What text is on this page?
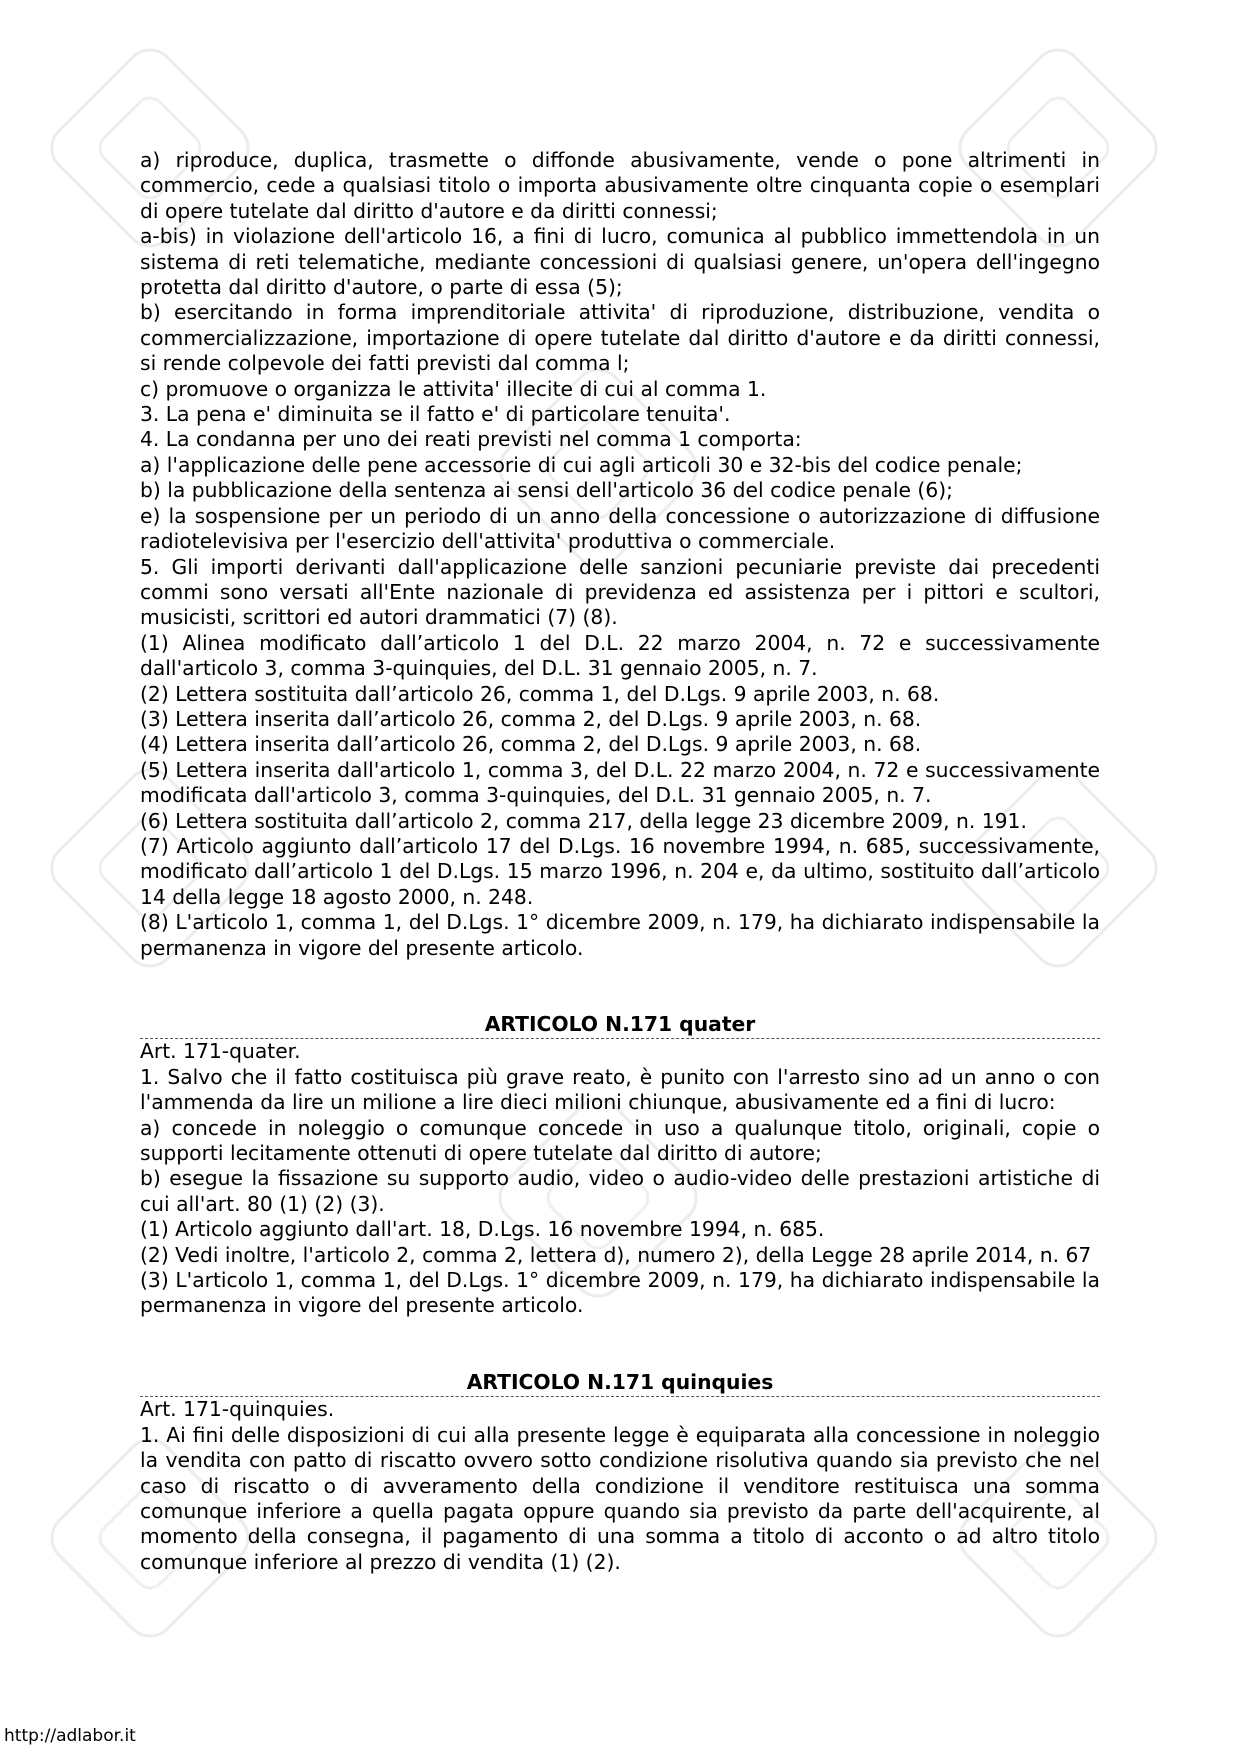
a) riproduce, duplica, trasmette o diffonde abusivamente, vende o pone altrimenti in commercio, cede a qualsiasi titolo o importa abusivamente oltre cinquanta copie o esemplari di opere tutelate dal diritto d'autore e da diritti connessi;
a-bis) in violazione dell'articolo 16, a fini di lucro, comunica al pubblico immettendola in un sistema di reti telematiche, mediante concessioni di qualsiasi genere, un'opera dell'ingegno protetta dal diritto d'autore, o parte di essa (5);
b) esercitando in forma imprenditoriale attivita' di riproduzione, distribuzione, vendita o commercializzazione, importazione di opere tutelate dal diritto d'autore e da diritti connessi, si rende colpevole dei fatti previsti dal comma l;
c) promuove o organizza le attivita' illecite di cui al comma 1.
3. La pena e' diminuita se il fatto e' di particolare tenuita'.
4. La condanna per uno dei reati previsti nel comma 1 comporta:
a) l'applicazione delle pene accessorie di cui agli articoli 30 e 32-bis del codice penale;
b) la pubblicazione della sentenza ai sensi dell'articolo 36 del codice penale (6);
e) la sospensione per un periodo di un anno della concessione o autorizzazione di diffusione radiotelevisiva per l'esercizio dell'attivita' produttiva o commerciale.
5. Gli importi derivanti dall'applicazione delle sanzioni pecuniarie previste dai precedenti commi sono versati all'Ente nazionale di previdenza ed assistenza per i pittori e scultori, musicisti, scrittori ed autori drammatici (7) (8).
(1) Alinea modificato dall’articolo 1 del D.L. 22 marzo 2004, n. 72 e successivamente dall'articolo 3, comma 3-quinquies, del D.L. 31 gennaio 2005, n. 7.
(2) Lettera sostituita dall’articolo 26, comma 1, del D.Lgs. 9 aprile 2003, n. 68.
(3) Lettera inserita dall’articolo 26, comma 2, del D.Lgs. 9 aprile 2003, n. 68.
(4) Lettera inserita dall’articolo 26, comma 2, del D.Lgs. 9 aprile 2003, n. 68.
(5) Lettera inserita dall'articolo 1, comma 3, del D.L. 22 marzo 2004, n. 72 e successivamente modificata dall'articolo 3, comma 3-quinquies, del D.L. 31 gennaio 2005, n. 7.
(6) Lettera sostituita dall’articolo 2, comma 217, della legge 23 dicembre 2009, n. 191.
(7) Articolo aggiunto dall’articolo 17 del D.Lgs. 16 novembre 1994, n. 685, successivamente, modificato dall’articolo 1 del D.Lgs. 15 marzo 1996, n. 204 e, da ultimo, sostituito dall’articolo 14 della legge 18 agosto 2000, n. 248.
(8) L'articolo 1, comma 1, del D.Lgs. 1° dicembre 2009, n. 179, ha dichiarato indispensabile la permanenza in vigore del presente articolo.
ARTICOLO N.171 quater
Art. 171-quater.
1. Salvo che il fatto costituisca più grave reato, è punito con l'arresto sino ad un anno o con l'ammenda da lire un milione a lire dieci milioni chiunque, abusivamente ed a fini di lucro:
a) concede in noleggio o comunque concede in uso a qualunque titolo, originali, copie o supporti lecitamente ottenuti di opere tutelate dal diritto di autore;
b) esegue la fissazione su supporto audio, video o audio-video delle prestazioni artistiche di cui all'art. 80 (1) (2) (3).
(1) Articolo aggiunto dall'art. 18, D.Lgs. 16 novembre 1994, n. 685.
(2) Vedi inoltre, l'articolo 2, comma 2, lettera d), numero 2), della Legge 28 aprile 2014, n. 67
(3) L'articolo 1, comma 1, del D.Lgs. 1° dicembre 2009, n. 179, ha dichiarato indispensabile la permanenza in vigore del presente articolo.
ARTICOLO N.171 quinquies
Art. 171-quinquies.
1. Ai fini delle disposizioni di cui alla presente legge è equiparata alla concessione in noleggio la vendita con patto di riscatto ovvero sotto condizione risolutiva quando sia previsto che nel caso di riscatto o di avveramento della condizione il venditore restituisca una somma comunque inferiore a quella pagata oppure quando sia previsto da parte dell'acquirente, al momento della consegna, il pagamento di una somma a titolo di acconto o ad altro titolo comunque inferiore al prezzo di vendita (1) (2).
http://adlabor.it
